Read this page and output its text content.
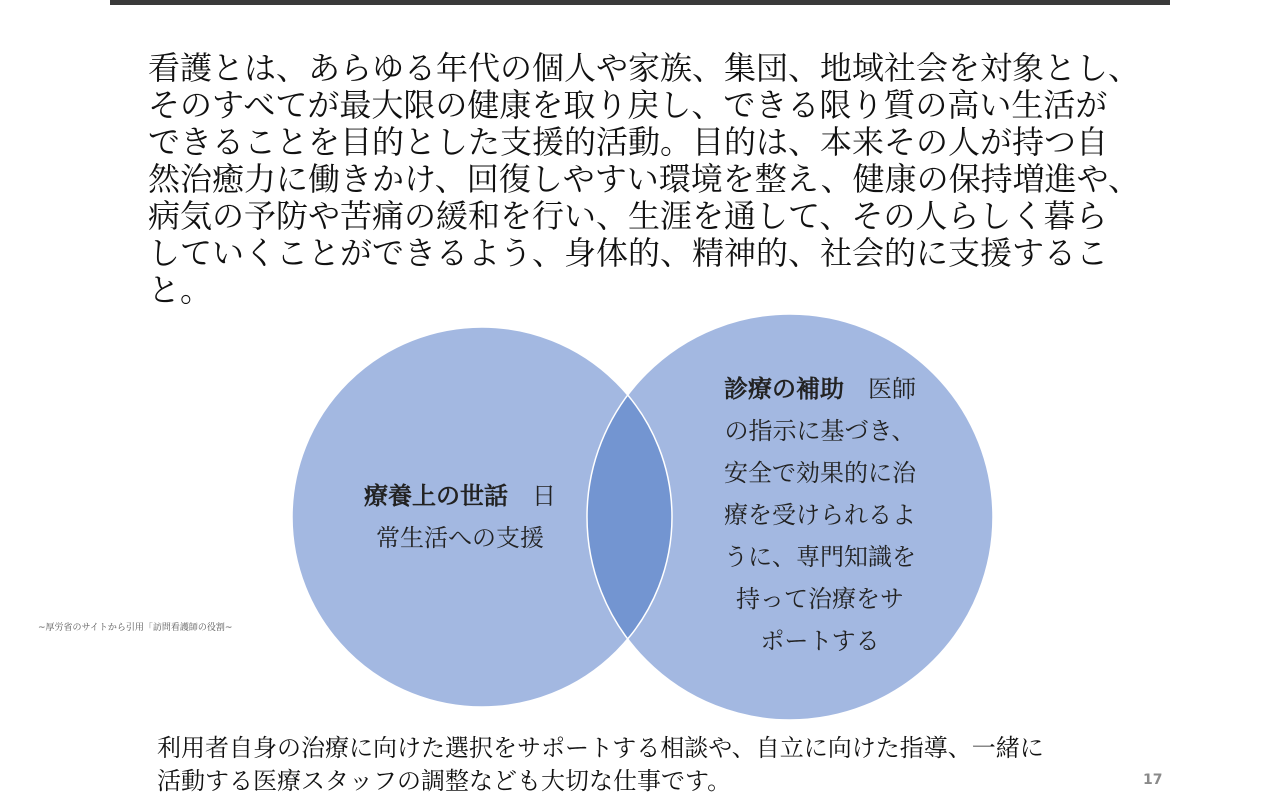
看護とは、あらゆる年代の個人や家族、集団、地域社会を対象とし、
そのすべてが最大限の健康を取り戻し、できる限り質の高い生活が
できることを目的とした支援的活動。目的は、本来その人が持つ自
然治癒力に働きかけ、回復しやすい環境を整え、健康の保持増進や、
病気の予防や苦痛の緩和を行い、生涯を通して、その人らしく暮ら
していくことができるよう、身体的、精神的、社会的に支援するこ
と。

療養上の世話　日
常生活への支援

診療の補助　医師
の指示に基づき、
安全で効果的に治
療を受けられるよ
うに、専門知識を
持って治療をサ
ポートする

~厚労省のサイトから引用「訪問看護師の役割~

利用者自身の治療に向けた選択をサポートする相談や、自立に向けた指導、一緒に
活動する医療スタッフの調整なども大切な仕事です。	17
